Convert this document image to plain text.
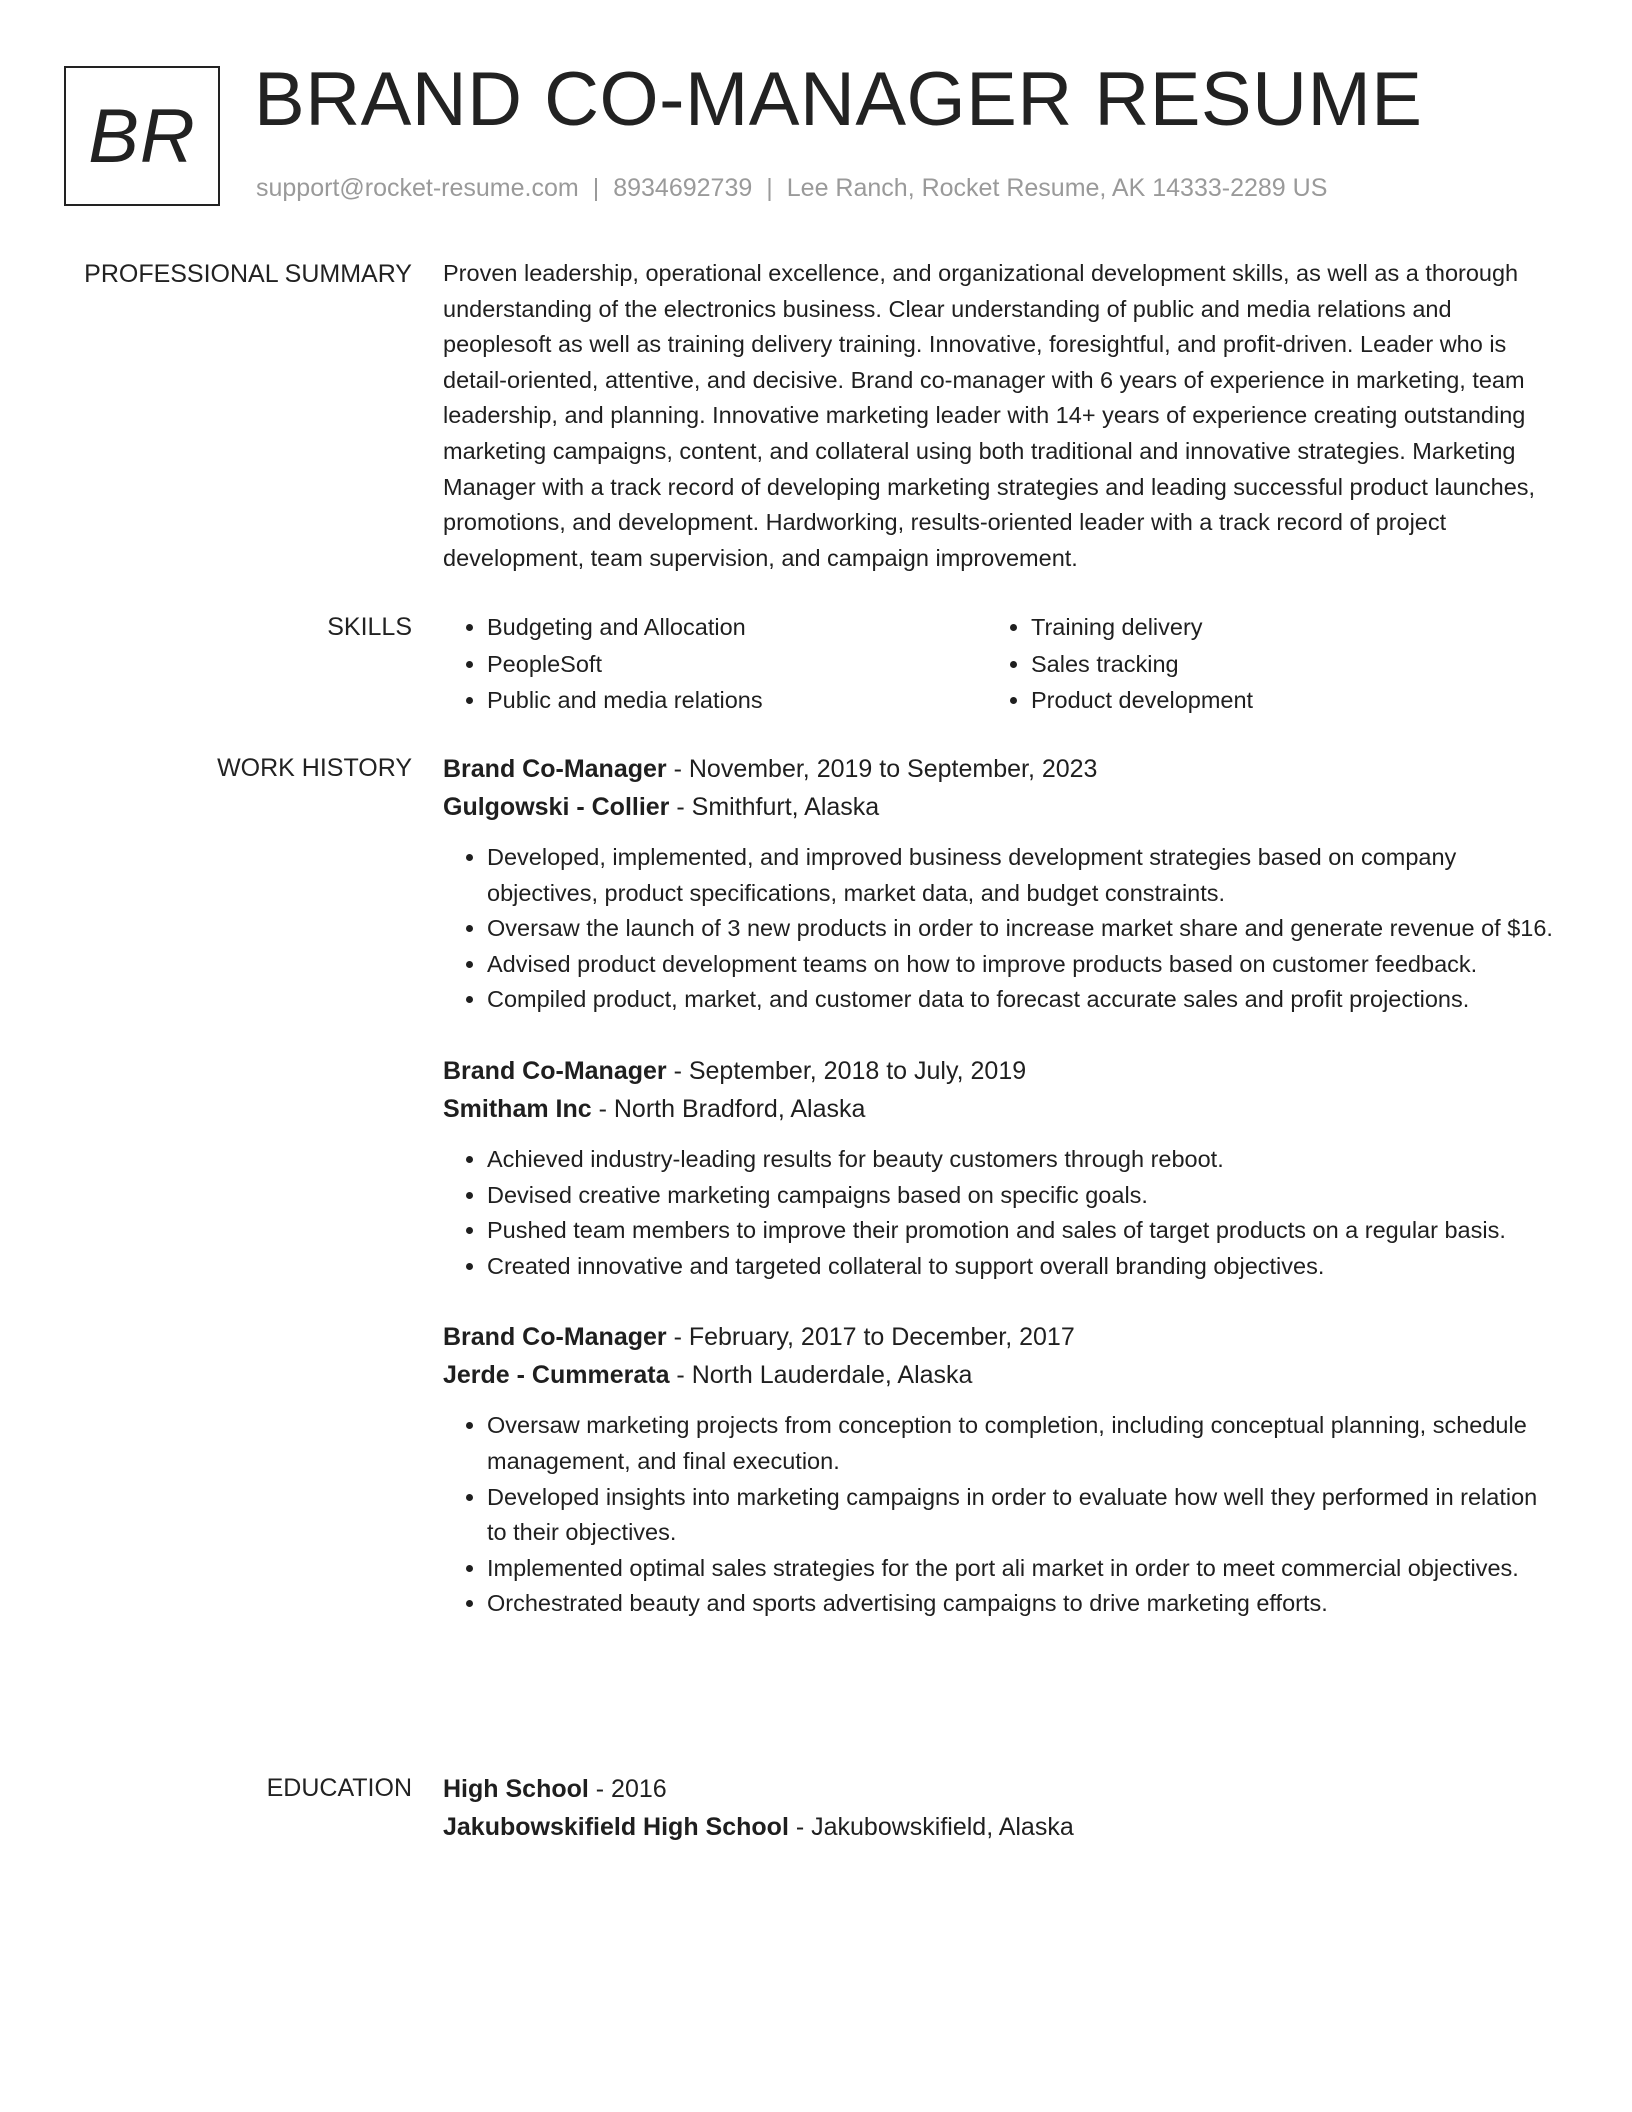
BR BRAND CO-MANAGER RESUME
support@rocket-resume.com | 8934692739 | Lee Ranch, Rocket Resume, AK 14333-2289 US
PROFESSIONAL SUMMARY Proven leadership, operational excellence, and organizational development skills, as well as a thorough understanding of the electronics business. Clear understanding of public and media relations and peoplesoft as well as training delivery training. Innovative, foresightful, and profit-driven. Leader who is detail-oriented, attentive, and decisive. Brand co-manager with 6 years of experience in marketing, team leadership, and planning. Innovative marketing leader with 14+ years of experience creating outstanding marketing campaigns, content, and collateral using both traditional and innovative strategies. Marketing Manager with a track record of developing marketing strategies and leading successful product launches, promotions, and development. Hardworking, results-oriented leader with a track record of project development, team supervision, and campaign improvement.

SKILLS
•	Budgeting and Allocation
• PeopleSoft
• Public and media relations
• Training delivery
• Sales tracking
• Product development
WORK HISTORY Brand Co-Manager - November, 2019 to September, 2023
Gulgowski - Collier - Smithfurt, Alaska
• Developed, implemented, and improved business development strategies based on company objectives, product specifications, market data, and budget constraints.
• Oversaw the launch of 3 new products in order to increase market share and generate revenue of $16.
• Advised product development teams on how to improve products based on customer feedback.
• Compiled product, market, and customer data to forecast accurate sales and profit projections.
Brand Co-Manager - September, 2018 to July, 2019
Smitham Inc - North Bradford, Alaska
• Achieved industry-leading results for beauty customers through reboot.
• Devised creative marketing campaigns based on specific goals.
• Pushed team members to improve their promotion and sales of target products on a regular basis.
• Created innovative and targeted collateral to support overall branding objectives.
Brand Co-Manager - February, 2017 to December, 2017
Jerde - Cummerata - North Lauderdale, Alaska
• Oversaw marketing projects from conception to completion, including conceptual planning, schedule management, and final execution.
• Developed insights into marketing campaigns in order to evaluate how well they performed in relation to their objectives.
• Implemented optimal sales strategies for the port ali market in order to meet commercial objectives.
• Orchestrated beauty and sports advertising campaigns to drive marketing efforts.
EDUCATION High School - 2016
Jakubowskifield High School - Jakubowskifield, Alaska
